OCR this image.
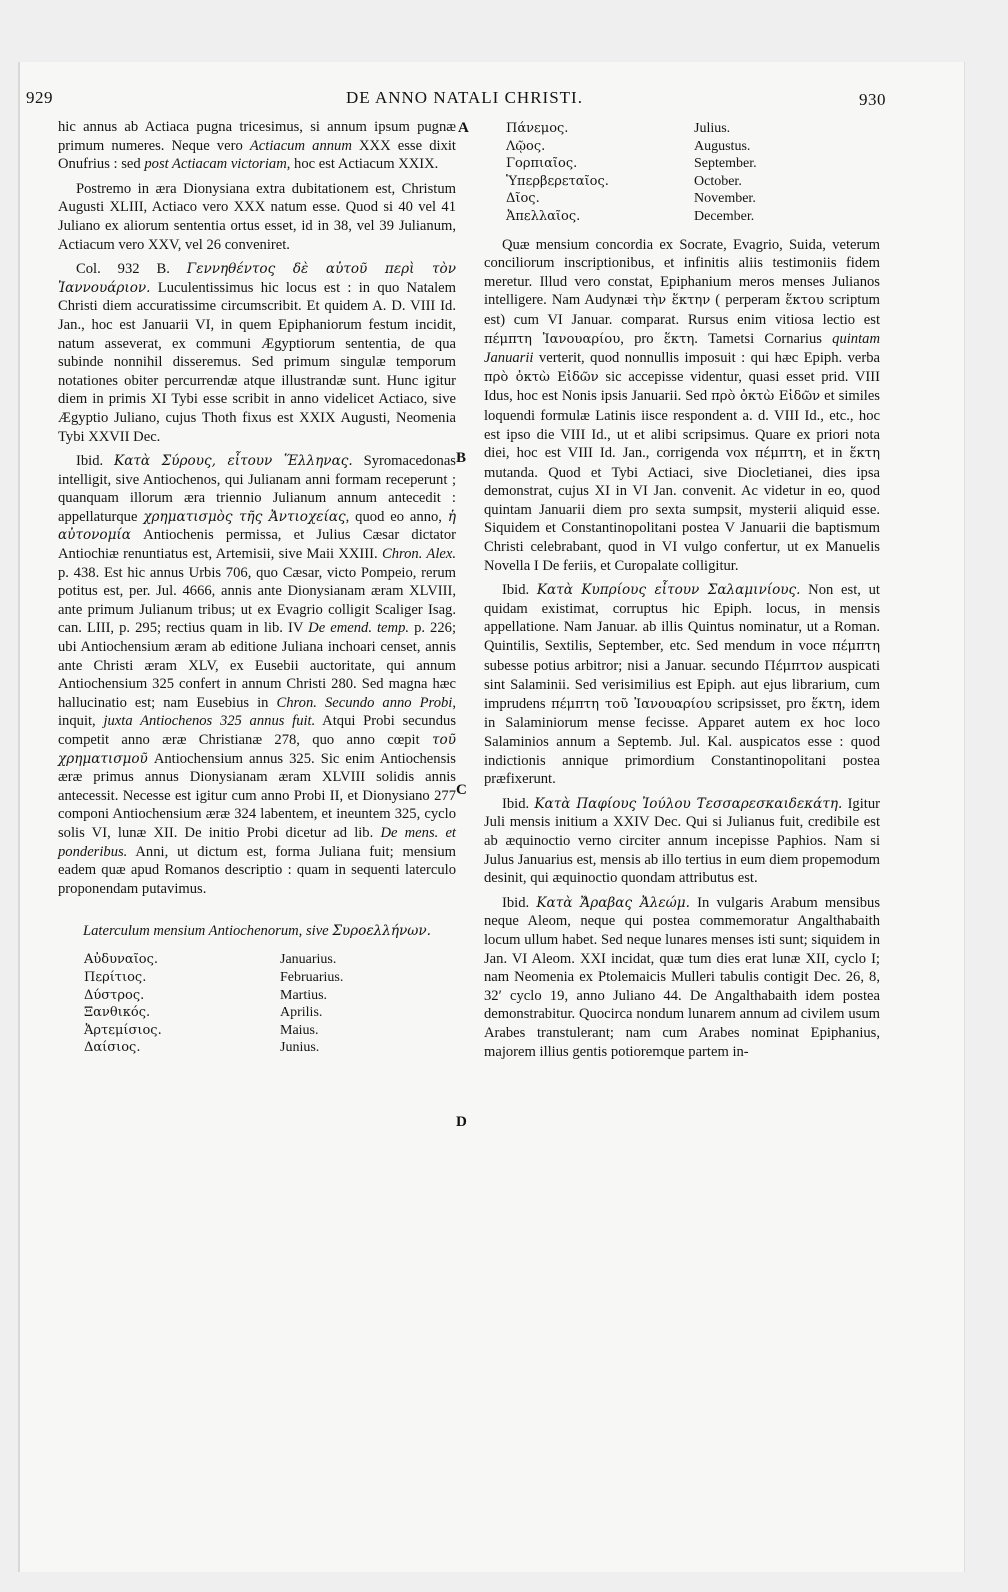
929	DE ANNO NATALI CHRISTI.	930
A
B
C
D

hic annus ab Actiaca pugna tricesimus, si annum ipsum pugnæ primum numeres. Neque vero Actiacum annum XXX esse dixit Onufrius : sed post Actiacam victoriam, hoc est Actiacum XXIX.

Postremo in æra Dionysiana extra dubitationem est, Christum Augusti XLIII, Actiaco vero XXX natum esse. Quod si 40 vel 41 Juliano ex aliorum sententia ortus esset, id in 38, vel 39 Julianum, Actiacum vero XXV, vel 26 conveniret.

Col. 932 B. Γεννηθέντος δὲ αὐτοῦ περὶ τὸν Ἰαννουάριον. Luculentissimus hic locus est : in quo Natalem Christi diem accuratissime circumscribit. Et quidem A. D. VIII Id. Jan., hoc est Januarii VI, in quem Epiphaniorum festum incidit, natum asseverat, ex communi Ægyptiorum sententia, de qua subinde nonnihil disseremus. Sed primum singulæ temporum notationes obiter percurrendæ atque illustrandæ sunt. Hunc igitur diem in primis XI Tybi esse scribit in anno videlicet Actiaco, sive Ægyptio Juliano, cujus Thoth fixus est XXIX Augusti, Neomenia Tybi XXVII Dec.

Ibid. Κατὰ Σύρους, εἶτουν Ἕλληνας. Syromacedonas intelligit, sive Antiochenos, qui Julianam anni formam receperunt ; quanquam illorum æra triennio Julianum annum antecedit : appellaturque χρηματισμὸς τῆς Ἀντιοχείας, quod eo anno, ἡ αὐτονομία Antiochenis permissa, et Julius Cæsar dictator Antiochiæ renuntiatus est, Artemisii, sive Maii XXIII. Chron. Alex. p. 438. Est hic annus Urbis 706, quo Cæsar, victo Pompeio, rerum potitus est, per. Jul. 4666, annis ante Dionysianam æram XLVIII, ante primum Julianum tribus; ut ex Evagrio colligit Scaliger Isag. can. LIII, p. 295; rectius quam in lib. IV De emend. temp. p. 226; ubi Antiochensium æram ab editione Juliana inchoari censet, annis ante Christi æram XLV, ex Eusebii auctoritate, qui annum Antiochensium 325 confert in annum Christi 280. Sed magna hæc hallucinatio est; nam Eusebius in Chron. Secundo anno Probi, inquit, juxta Antiochenos 325 annus fuit. Atqui Probi secundus competit anno æræ Christianæ 278, quo anno cœpit τοῦ χρηματισμοῦ Antiochensium annus 325. Sic enim Antiochensis æræ primus annus Dionysianam æram XLVIII solidis annis antecessit. Necesse est igitur cum anno Probi II, et Dionysiano 277 componi Antiochensium æræ 324 labentem, et ineuntem 325, cyclo solis VI, lunæ XII. De initio Probi dicetur ad lib. De mens. et ponderibus. Anni, ut dictum est, forma Juliana fuit; mensium eadem quæ apud Romanos descriptio : quam in sequenti laterculo proponendam putavimus.

Laterculum mensium Antiochenorum, sive Συροελλήνων.
Αὐδυναῖος.	Januarius.
Περίτιος.	Februarius.
Δύστρος.	Martius.
Ξανθικός.	Aprilis.
Ἀρτεμίσιος.	Maius.
Δαίσιος.	Junius.
Πάνεμος.	Julius.
Λῷος.	Augustus.
Γορπιαῖος.	September.
Ὑπερβερεταῖος.	October.
Δῖος.	November.
Ἀπελλαῖος.	December.

Quæ mensium concordia ex Socrate, Evagrio, Suida, veterum conciliorum inscriptionibus, et infinitis aliis testimoniis fidem meretur. Illud vero constat, Epiphanium meros menses Julianos intelligere. Nam Audynæi τὴν ἕκτην ( perperam ἕκτου scriptum est) cum VI Januar. comparat. Rursus enim vitiosa lectio est πέμπτη Ἰανουαρίου, pro ἕκτη. Tametsi Cornarius quintam Januarii verterit, quod nonnullis imposuit : qui hæc Epiph. verba πρὸ ὀκτὼ Εἰδῶν sic accepisse videntur, quasi esset prid. VIII Idus, hoc est Nonis ipsis Januarii. Sed πρὸ ὀκτὼ Εἰδῶν et similes loquendi formulæ Latinis iisce respondent a. d. VIII Id., etc., hoc est ipso die VIII Id., ut et alibi scripsimus. Quare ex priori nota diei, hoc est VIII Id. Jan., corrigenda vox πέμπτη, et in ἕκτη mutanda. Quod et Tybi Actiaci, sive Diocletianei, dies ipsa demonstrat, cujus XI in VI Jan. convenit. Ac videtur in eo, quod quintam Januarii diem pro sexta sumpsit, mysterii aliquid esse. Siquidem et Constantinopolitani postea V Januarii die baptismum Christi celebrabant, quod in VI vulgo confertur, ut ex Manuelis Novella I De feriis, et Curopalate colligitur.

Ibid. Κατὰ Κυπρίους εἶτουν Σαλαμινίους. Non est, ut quidam existimat, corruptus hic Epiph. locus, in mensis appellatione. Nam Januar. ab illis Quintus nominatur, ut a Roman. Quintilis, Sextilis, September, etc. Sed mendum in voce πέμπτη subesse potius arbitror; nisi a Januar. secundo Πέμπτον auspicati sint Salaminii. Sed verisimilius est Epiph. aut ejus librarium, cum imprudens πέμπτη τοῦ Ἰανουαρίου scripsisset, pro ἕκτη, idem in Salaminiorum mense fecisse. Apparet autem ex hoc loco Salaminios annum a Septemb. Jul. Kal. auspicatos esse : quod indictionis annique primordium Constantinopolitani postea præfixerunt.

Ibid. Κατὰ Παφίους Ἰούλου Τεσσαρεσκαιδεκάτη. Igitur Juli mensis initium a XXIV Dec. Qui si Julianus fuit, credibile est ab æquinoctio verno circiter annum incepisse Paphios. Nam si Julus Januarius est, mensis ab illo tertius in eum diem propemodum desinit, qui æquinoctio quondam attributus est.

Ibid. Κατὰ Ἄραβας Ἀλεώμ. In vulgaris Arabum mensibus neque Aleom, neque qui postea commemoratur Angalthabaith locum ullum habet. Sed neque lunares menses isti sunt; siquidem in Jan. VI Aleom. XXI incidat, quæ tum dies erat lunæ XII, cyclo I; nam Neomenia ex Ptolemaicis Mulleri tabulis contigit Dec. 26, 8, 32′ cyclo 19, anno Juliano 44. De Angalthabaith idem postea demonstrabitur. Quocirca nondum lunarem annum ad civilem usum Arabes transtulerant; nam cum Arabes nominat Epiphanius, majorem illius gentis potioremque partem in-
